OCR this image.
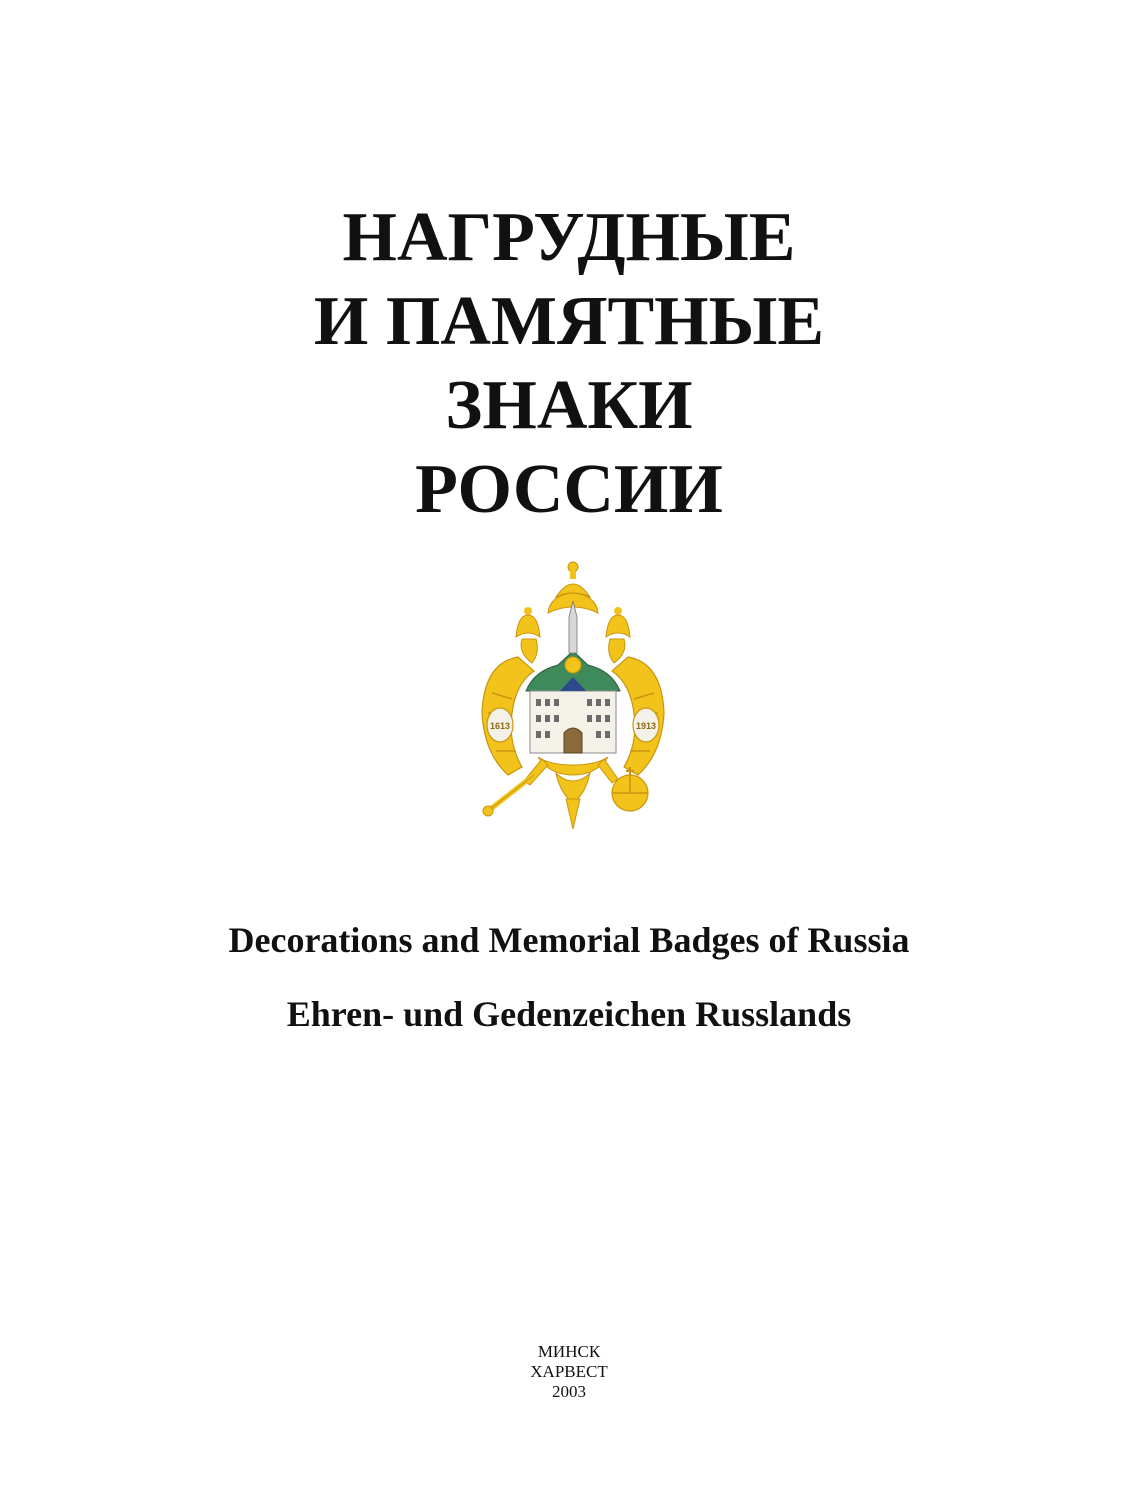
НАГРУДНЫЕ
И ПАМЯТНЫЕ
ЗНАКИ
РОССИИ
1613	1913
Decorations and Memorial Badges of Russia
Ehren- und Gedenzeichen Russlands
МИНСК
ХАРВЕСТ
2003
